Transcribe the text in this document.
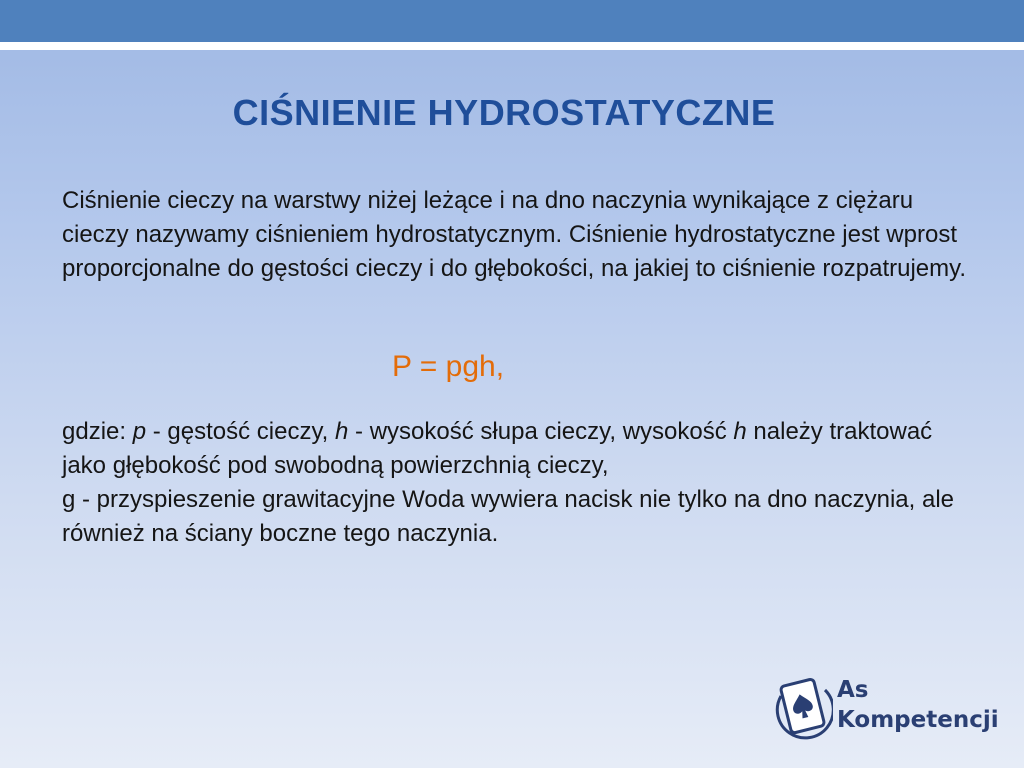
CIŚNIENIE HYDROSTATYCZNE

Ciśnienie cieczy na warstwy niżej leżące i na dno naczynia wynikające z ciężaru cieczy nazywamy ciśnieniem hydrostatycznym. Ciśnienie hydrostatyczne jest wprost proporcjonalne do gęstości cieczy i do głębokości, na jakiej to ciśnienie rozpatrujemy.

P = pgh,

gdzie: p - gęstość cieczy, h - wysokość słupa cieczy, wysokość h należy traktować jako głębokość pod swobodną powierzchnią cieczy,
g - przyspieszenie grawitacyjne Woda wywiera nacisk nie tylko na dno naczynia, ale również na ściany boczne tego naczynia.

As
Kompetencji
